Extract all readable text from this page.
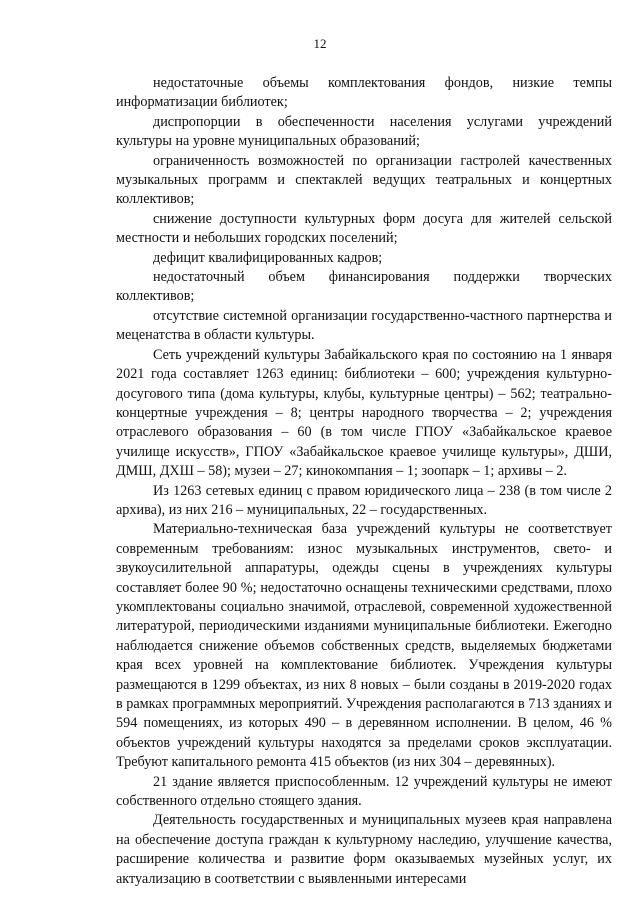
12

недостаточные объемы комплектования фондов, низкие темпы информатизации библиотек;

диспропорции в обеспеченности населения услугами учреждений культуры на уровне муниципальных образований;

ограниченность возможностей по организации гастролей качественных музыкальных программ и спектаклей ведущих театральных и концертных коллективов;

снижение доступности культурных форм досуга для жителей сельской местности и небольших городских поселений;

дефицит квалифицированных кадров;

недостаточный объем финансирования поддержки творческих коллективов;

отсутствие системной организации государственно-частного партнерства и меценатства в области культуры.

Сеть учреждений культуры Забайкальского края по состоянию на 1 января 2021 года составляет 1263 единиц: библиотеки – 600; учреждения культурно-досугового типа (дома культуры, клубы, культурные центры) – 562; театрально-концертные учреждения – 8; центры народного творчества – 2; учреждения отраслевого образования – 60 (в том числе ГПОУ «Забайкальское краевое училище искусств», ГПОУ «Забайкальское краевое училище культуры», ДШИ, ДМШ, ДХШ – 58); музеи – 27; кинокомпания – 1; зоопарк – 1; архивы – 2.

Из 1263 сетевых единиц с правом юридического лица – 238 (в том числе 2 архива), из них 216 – муниципальных, 22 – государственных.

Материально-техническая база учреждений культуры не соответствует современным требованиям: износ музыкальных инструментов, свето- и звукоусилительной аппаратуры, одежды сцены в учреждениях культуры составляет более 90 %; недостаточно оснащены техническими средствами, плохо укомплектованы социально значимой, отраслевой, современной художественной литературой, периодическими изданиями муниципальные библиотеки. Ежегодно наблюдается снижение объемов собственных средств, выделяемых бюджетами края всех уровней на комплектование библиотек. Учреждения культуры размещаются в 1299 объектах, из них 8 новых – были созданы в 2019-2020 годах в рамках программных мероприятий. Учреждения располагаются в 713 зданиях и 594 помещениях, из которых 490 – в деревянном исполнении. В целом, 46 % объектов учреждений культуры находятся за пределами сроков эксплуатации. Требуют капитального ремонта 415 объектов (из них 304 – деревянных).

21 здание является приспособленным. 12 учреждений культуры не имеют собственного отдельно стоящего здания.

Деятельность государственных и муниципальных музеев края направлена на обеспечение доступа граждан к культурному наследию, улучшение качества, расширение количества и развитие форм оказываемых музейных услуг, их актуализацию в соответствии с выявленными интересами
